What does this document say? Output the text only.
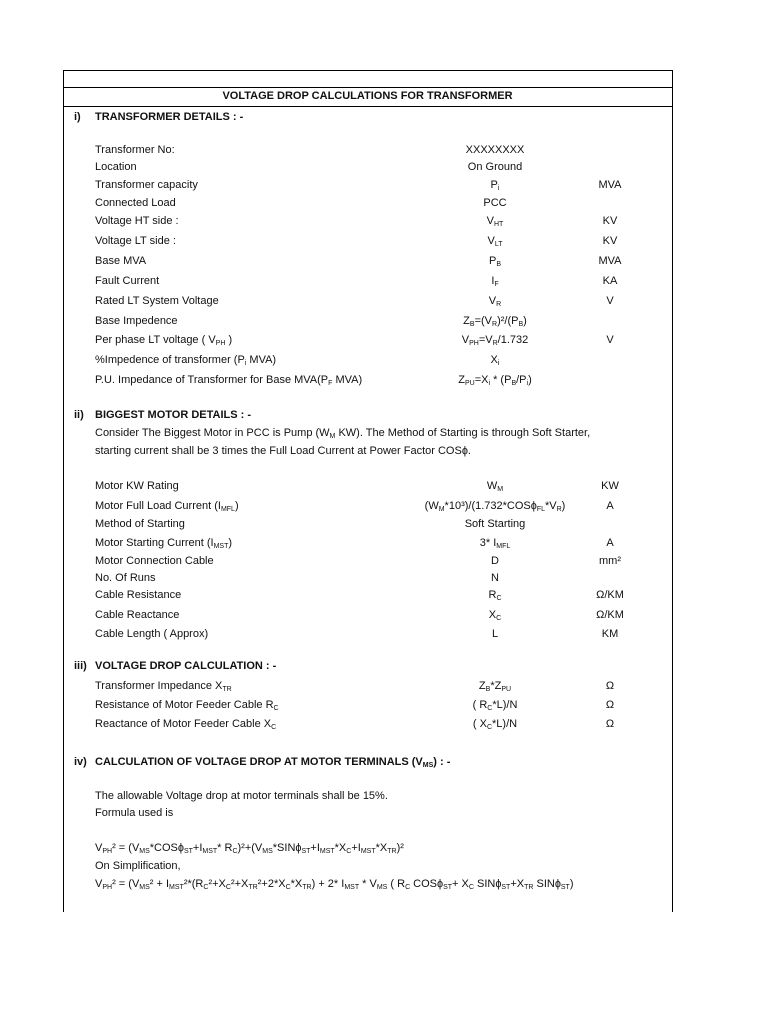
VOLTAGE DROP CALCULATIONS FOR TRANSFORMER
i) TRANSFORMER DETAILS : -
Transformer No:	XXXXXXXX
Location	On Ground
Transformer capacity	$P_i$	MVA
Connected Load	PCC
Voltage HT side :	$V_{HT}$	KV
Voltage LT side :	$V_{LT}$	KV
Base MVA	$P_B$	MVA
Fault Current	$I_F$	KA
Rated LT System Voltage	$V_R$	V
Base Impedence	$Z_B=(V_R)^2/(P_B)$
Per phase LT voltage ( $V_{PH}$ )	$V_{PH}=V_R/1.732$	V
%Impedence of transformer ($P_i$ MVA)	$X_i$
P.U. Impedance of Transformer for Base $MVA(P_F$ MVA)	$Z_{PU}=X_i * (P_B/P_i)$
ii) BIGGEST MOTOR DETAILS : -
Consider The Biggest Motor in PCC is Pump ($W_M$ KW). The Method of Starting is through Soft Starter,
starting current shall be 3 times the Full Load Current at Power Factor COSɸ.
Motor KW Rating	$W_M$	KW
Motor Full Load Current $(I_{MFL})$	$(W_M*10^3)/(1.732*COSɸ_{FL}*V_R)$	A
Method of Starting	Soft Starting
Motor Starting Current $(I_{MST})$	3* $I_{MFL}$	A
Motor Connection Cable	D	mm²
No. Of Runs	N
Cable Resistance	$R_C$	Ω/KM
Cable Reactance	$X_C$	Ω/KM
Cable Length ( Approx)	L	KM
iii) VOLTAGE DROP CALCULATION : -
Transformer Impedance $X_{TR}$	$Z_B*Z_{PU}$	Ω
Resistance of Motor Feeder Cable $R_C$	( $R_C*L)/N$	Ω
Reactance of Motor Feeder Cable $X_C$	( $X_C*L)/N$	Ω
iv) CALCULATION OF VOLTAGE DROP AT MOTOR TERMINALS $(V_{MS})$ : -
The allowable Voltage drop at motor terminals shall be 15%.
Formula used is
$V_{PH}^2$ = ($V_{MS}*COSɸ_{ST}+I_{MST}*$ $R_C)^2+(V_{MS}*SINɸ_{ST}+I_{MST}*X_C+I_{MST}*X_{TR})^2$
On Simplification,
$V_{PH}^2 = (V_{MS}^2 + I_{MST}^2*(R_C^2+X_C^2+X_{TR}^2+2*X_C*X_{TR}) + 2*$ $I_{MST} * V_{MS}$ ( $R_C$ COSɸ$_{ST}$+ $X_C$ $SINɸ_{ST}+X_{TR}$ SINɸ$_{ST}$)
